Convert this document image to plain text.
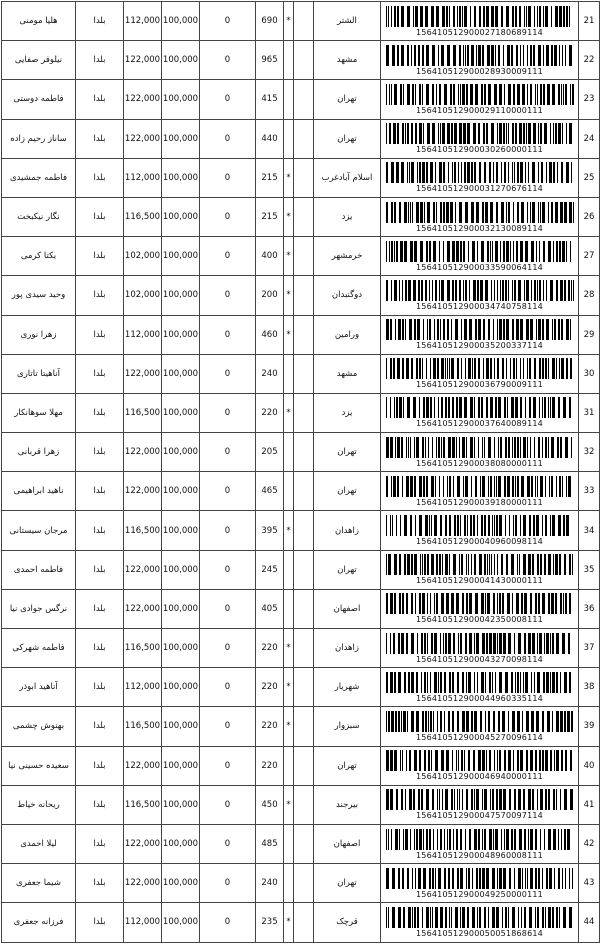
هلیا مومنی	بلدا	112,000	100,000	0	690	*		الشتر	156410512900027180689114	21
نیلوفر صفایی	بلدا	122,000	100,000	0	965			مشهد	156410512900028930009111	22
فاطمه دوستی	بلدا	122,000	100,000	0	415			تهران	156410512900029110000111	23
ساناز رحیم زاده	بلدا	122,000	100,000	0	440			تهران	156410512900030260000111	24
فاطمه جمشیدی	بلدا	112,000	100,000	0	215	*		اسلام آبادغرب	156410512900031270676114	25
نگار نیکبخت	بلدا	116,500	100,000	0	215	*		یزد	156410512900032130089114	26
یکتا کرمی	بلدا	102,000	100,000	0	400	*		خرمشهر	156410512900033590064114	27
وحید سیدی پور	بلدا	102,000	100,000	0	200	*		دوگنبدان	156410512900034740758114	28
زهرا نوری	بلدا	112,000	100,000	0	460	*		ورامین	156410512900035200337114	29
آناهیتا تاتاری	بلدا	122,000	100,000	0	240			مشهد	156410512900036790009111	30
مهلا سوهانکار	بلدا	116,500	100,000	0	220	*		یزد	156410512900037640089114	31
زهرا قربانی	بلدا	122,000	100,000	0	205			تهران	156410512900038080000111	32
ناهید ابراهیمی	بلدا	122,000	100,000	0	465			تهران	156410512900039180000111	33
مرجان سیستانی	بلدا	116,500	100,000	0	395	*		زاهدان	156410512900040960098114	34
فاطمه احمدی	بلدا	122,000	100,000	0	245			تهران	156410512900041430000111	35
نرگس جوادی نیا	بلدا	122,000	100,000	0	405			اصفهان	156410512900042350008111	36
فاطمه شهرکی	بلدا	116,500	100,000	0	220	*		زاهدان	156410512900043270098114	37
آناهید ابوذر	بلدا	112,000	100,000	0	220	*		شهریار	156410512900044960335114	38
بهنوش چشمی	بلدا	116,500	100,000	0	220	*		سبزوار	156410512900045270096114	39
سعیده حسینی نیا	بلدا	122,000	100,000	0	220			تهران	156410512900046940000111	40
ریحانه خیاط	بلدا	116,500	100,000	0	450	*		بیرجند	156410512900047570097114	41
لیلا احمدی	بلدا	122,000	100,000	0	485			اصفهان	156410512900048960008111	42
شیما جعفری	بلدا	122,000	100,000	0	240			تهران	156410512900049250000111	43
فرزانه جعفری	بلدا	112,000	100,000	0	235	*		قرچک	156410512900050051868614	44
